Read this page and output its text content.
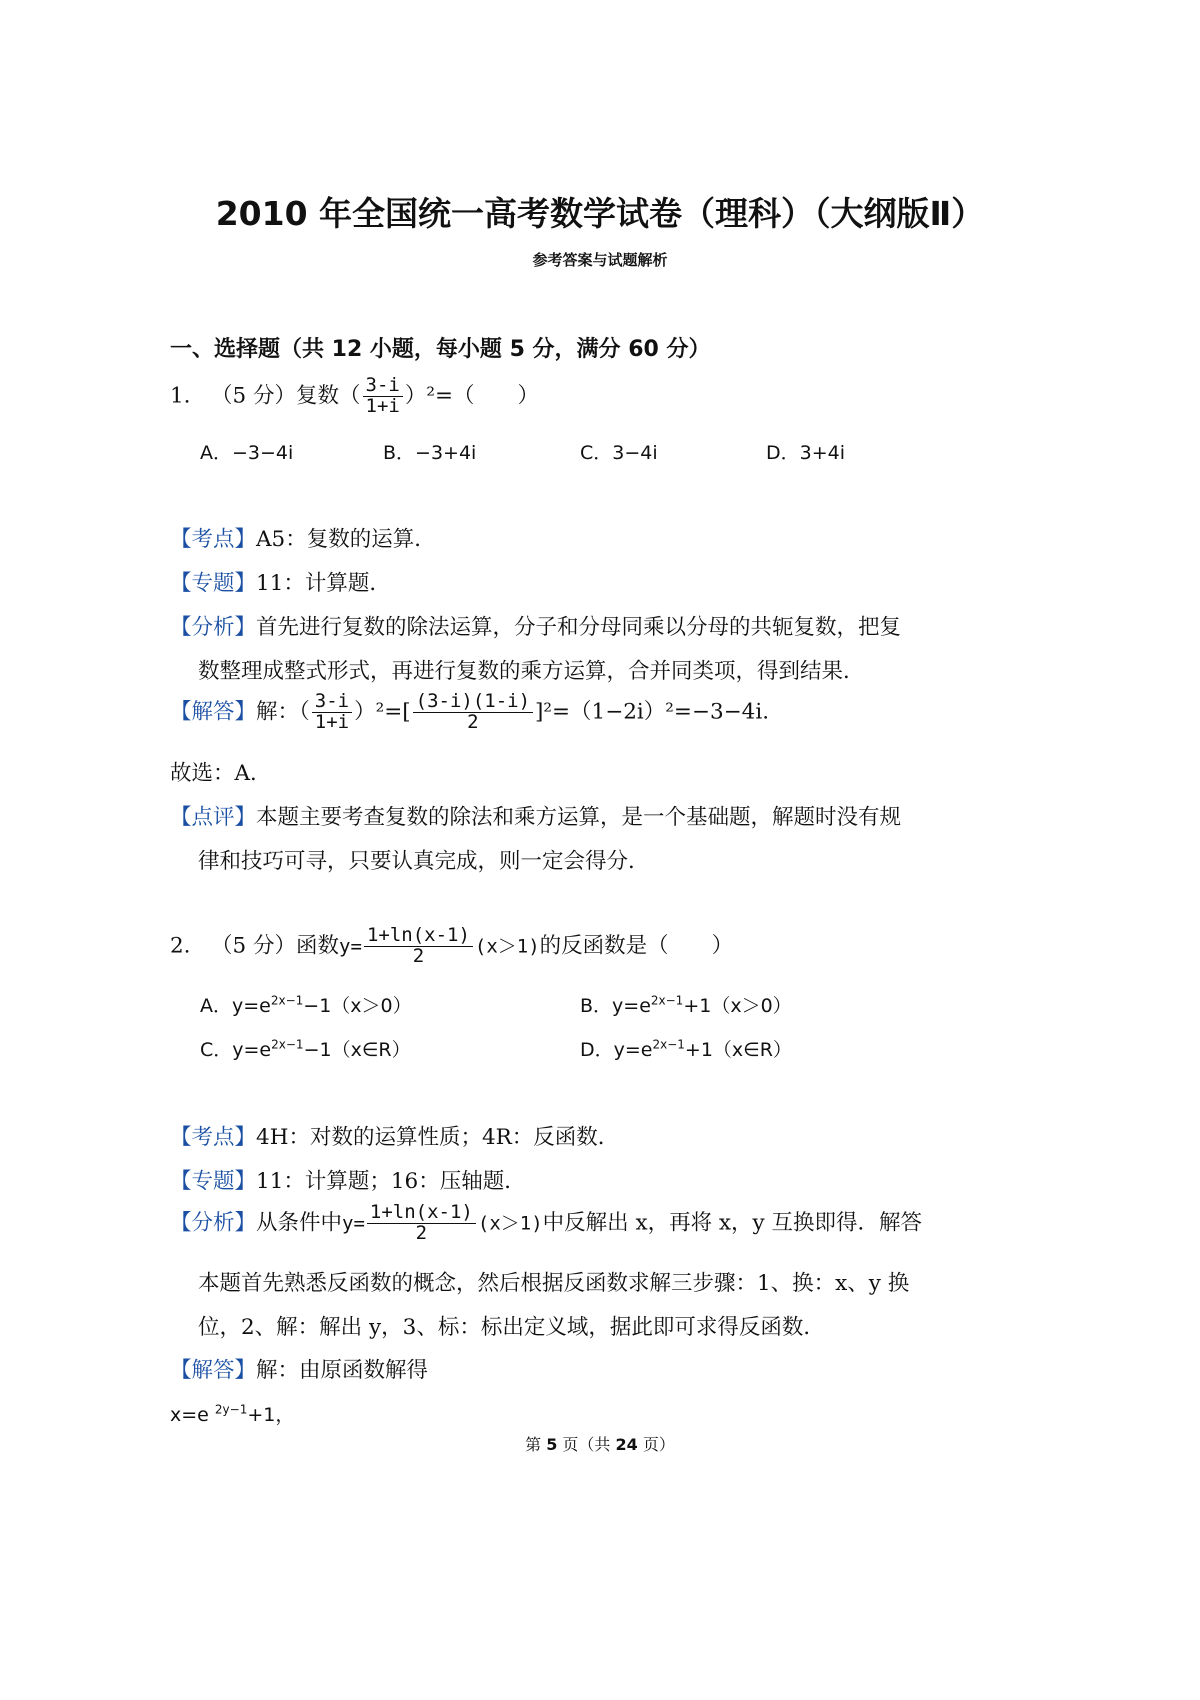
2010 年全国统一高考数学试卷（理科）（大纲版Ⅱ）
参考答案与试题解析
一、选择题（共 12 小题，每小题 5 分，满分 60 分）
1. （5 分）复数（ $\frac{3-i}{1+i} )^2=$（　　）
A．−3−4i	B．−3+4i	C．3−4i	D．3+4i
【考点】A5：复数的运算．
【专题】11：计算题．
【分析】首先进行复数的除法运算，分子和分母同乘以分母的共轭复数，把复
数整理成整式形式，再进行复数的乘方运算，合并同类项，得到结果．
【解答】解：（ $\frac{3-i}{1+i} )^2=[ \frac{(3-i)(1-i)}{2} ]^2=(1-2i)^2=-3-4i$.
故选：A．
【点评】本题主要考查复数的除法和乘方运算，是一个基础题，解题时没有规
律和技巧可寻，只要认真完成，则一定会得分．
2. （5 分）函数$y= \frac{1+\ln(x-1)}{2} (x>1)$的反函数是（　　）
A．$y=e^{2x-1}-1(x>0)$	B．$y=e^{2x-1}+1(x>0)$
C．$y=e^{2x-1}-1(x\in R)$	D．$y=e^{2x-1}+1(x\in R)$
【考点】4H：对数的运算性质；4R：反函数．
【专题】11：计算题；16：压轴题．
【分析】从条件中$y= \frac{1+\ln(x-1)}{2} (x>1)$中反解出 x，再将 x，y 互换即得．解答
本题首先熟悉反函数的概念，然后根据反函数求解三步骤：1、换：x、y 换
位，2、解：解出 y，3、标：标出定义域，据此即可求得反函数．
【解答】解：由原函数解得
x=e $^{2y-1}$+1，
第 5 页（共 24 页）
